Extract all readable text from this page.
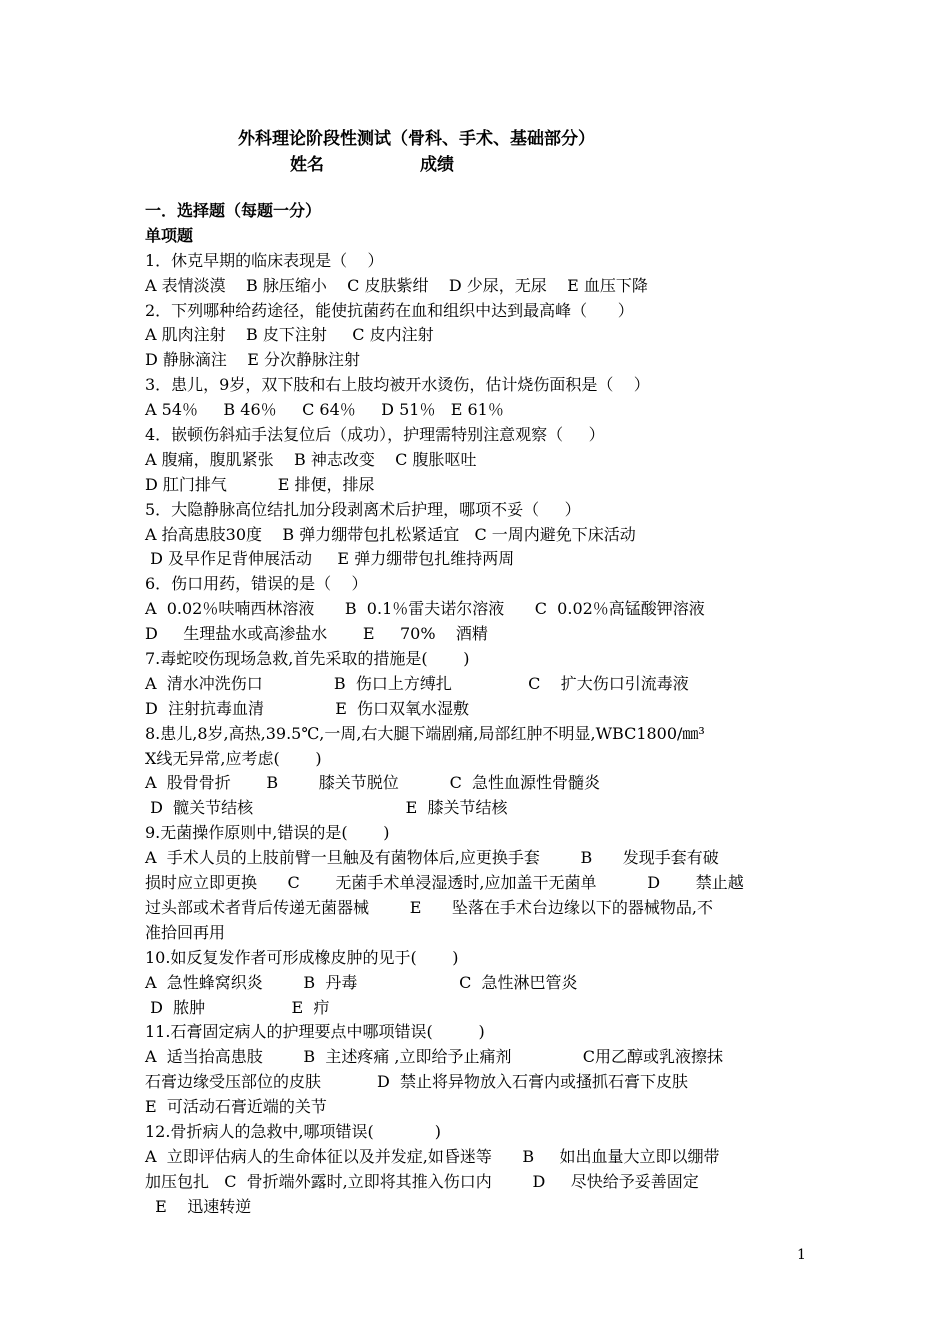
外科理论阶段性测试（骨科、手术、基础部分）
姓名	成绩
一．选择题（每题一分）
单项题
1．休克早期的临床表现是（    ）
A 表情淡漠    B 脉压缩小    C 皮肤紫绀    D 少尿，无尿    E 血压下降
2．下列哪种给药途径，能使抗菌药在血和组织中达到最高峰（      ）
A 肌肉注射    B 皮下注射     C 皮内注射
D 静脉滴注    E 分次静脉注射
3．患儿，9岁，双下肢和右上肢均被开水烫伤，估计烧伤面积是（    ）
A 54％     B 46％     C 64％     D 51％   E 61％
4．嵌顿伤斜疝手法复位后（成功），护理需特别注意观察（     ）
A 腹痛，腹肌紧张    B 神志改变    C 腹胀呕吐
D 肛门排气          E 排便，排尿
5．大隐静脉高位结扎加分段剥离术后护理，哪项不妥（     ）
A 抬高患肢30度    B 弹力绷带包扎松紧适宜   C 一周内避免下床活动
D 及早作足背伸展活动     E 弹力绷带包扎维持两周
6．伤口用药，错误的是（    ）
A  0.02％呋喃西林溶液      B  0.1％雷夫诺尔溶液      C  0.02％高锰酸钾溶液
D     生理盐水或高渗盐水       E     70%    酒精
7.毒蛇咬伤现场急救,首先采取的措施是(       )
A  清水冲洗伤口              B  伤口上方缚扎               C    扩大伤口引流毒液
D  注射抗毒血清              E  伤口双氧水湿敷
8.患儿,8岁,高热,39.5℃,一周,右大腿下端剧痛,局部红肿不明显,WBC1800/㎜³
X线无异常,应考虑(       )
A  股骨骨折       B        膝关节脱位          C  急性血源性骨髓炎
D  髋关节结核                              E  膝关节结核
9.无菌操作原则中,错误的是(       )
A  手术人员的上肢前臂一旦触及有菌物体后,应更换手套        B      发现手套有破
损时应立即更换      C       无菌手术单浸湿透时,应加盖干无菌单          D       禁止越
过头部或术者背后传递无菌器械        E      坠落在手术台边缘以下的器械物品,不
准拾回再用
10.如反复发作者可形成橡皮肿的见于(       )
A  急性蜂窝织炎        B  丹毒                    C  急性淋巴管炎
D  脓肿                 E  疖
11.石膏固定病人的护理要点中哪项错误(         )
A  适当抬高患肢        B  主述疼痛 ,立即给予止痛剂              C用乙醇或乳液擦抹
石膏边缘受压部位的皮肤           D  禁止将异物放入石膏内或搔抓石膏下皮肤
E  可活动石膏近端的关节
12.骨折病人的急救中,哪项错误(            )
A  立即评估病人的生命体征以及并发症,如昏迷等      B     如出血量大立即以绷带
加压包扎   C  骨折端外露时,立即将其推入伤口内        D     尽快给予妥善固定
E    迅速转逆
1
